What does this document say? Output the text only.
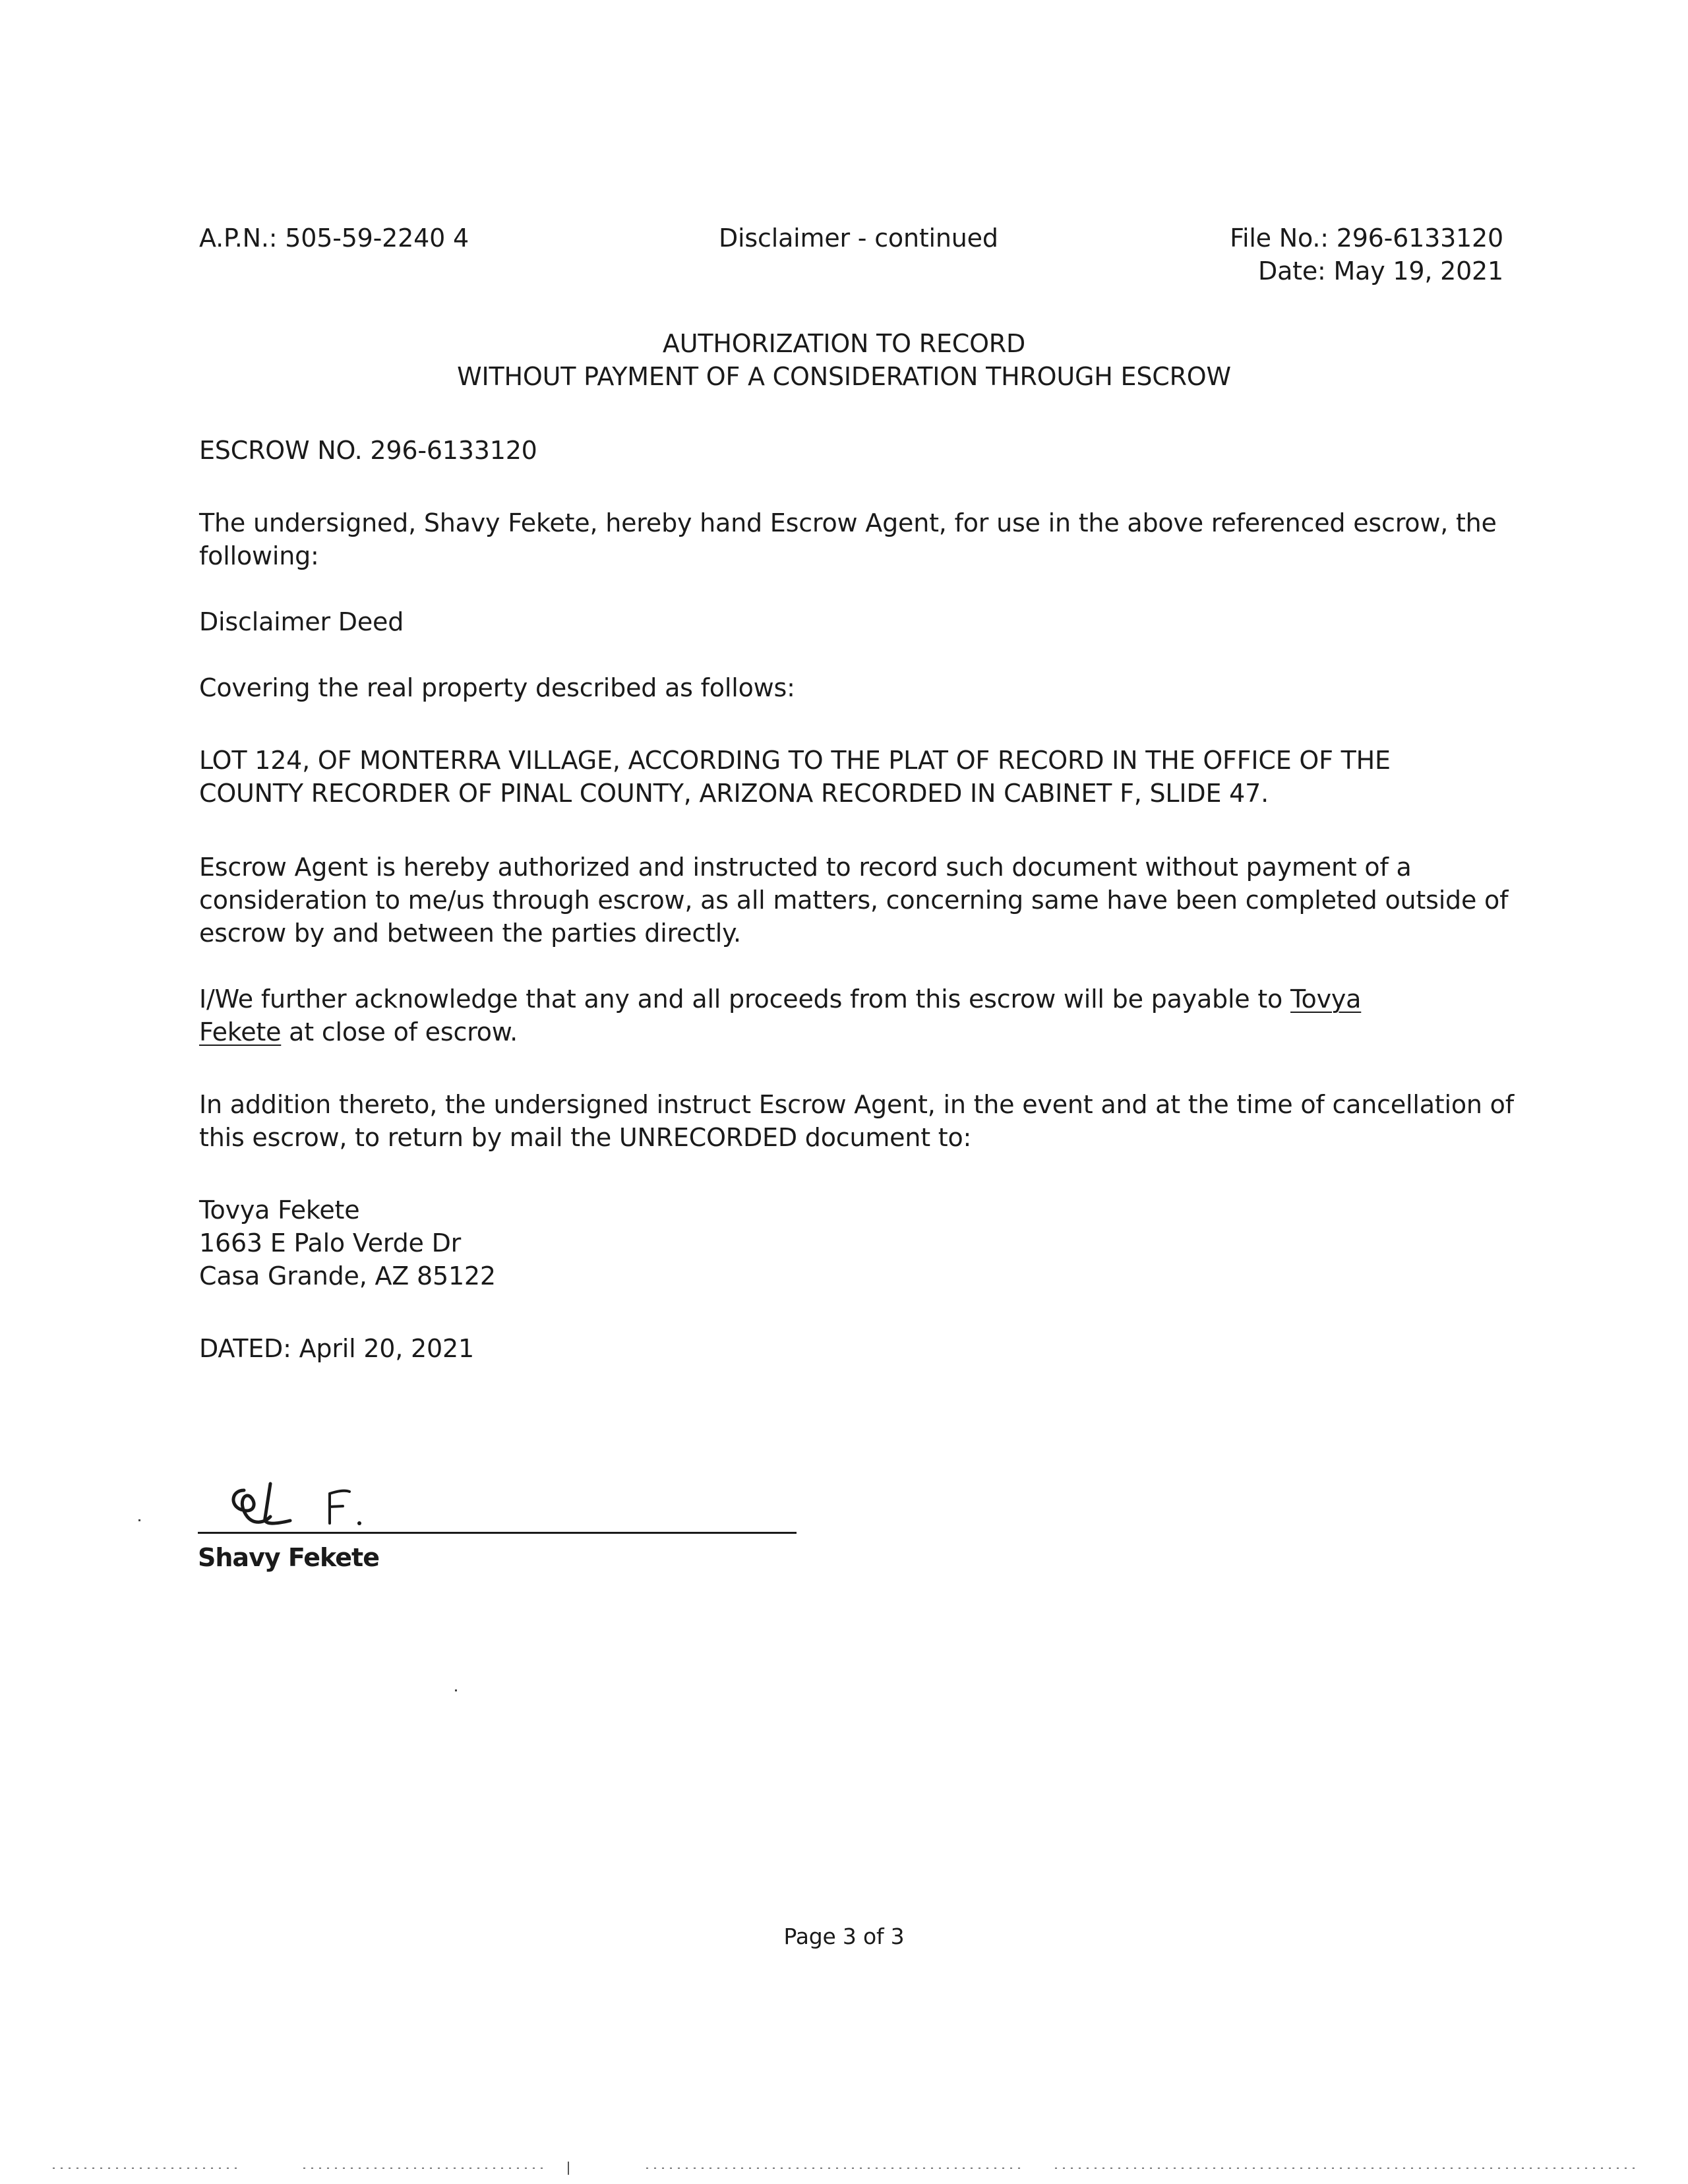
A.P.N.: 505-59-2240 4	Disclaimer - continued	File No.: 296-6133120
Date: May 19, 2021
AUTHORIZATION TO RECORD
WITHOUT PAYMENT OF A CONSIDERATION THROUGH ESCROW
ESCROW NO. 296-6133120
The undersigned, Shavy Fekete, hereby hand Escrow Agent, for use in the above referenced escrow, the
following:
Disclaimer Deed
Covering the real property described as follows:
LOT 124, OF MONTERRA VILLAGE, ACCORDING TO THE PLAT OF RECORD IN THE OFFICE OF THE
COUNTY RECORDER OF PINAL COUNTY, ARIZONA RECORDED IN CABINET F, SLIDE 47.
Escrow Agent is hereby authorized and instructed to record such document without payment of a
consideration to me/us through escrow, as all matters, concerning same have been completed outside of
escrow by and between the parties directly.
I/We further acknowledge that any and all proceeds from this escrow will be payable to Tovya
Fekete at close of escrow.
In addition thereto, the undersigned instruct Escrow Agent, in the event and at the time of cancellation of
this escrow, to return by mail the UNRECORDED document to:
Tovya Fekete
1663 E Palo Verde Dr
Casa Grande, AZ 85122
DATED: April 20, 2021
Shavy Fekete
Page 3 of 3
